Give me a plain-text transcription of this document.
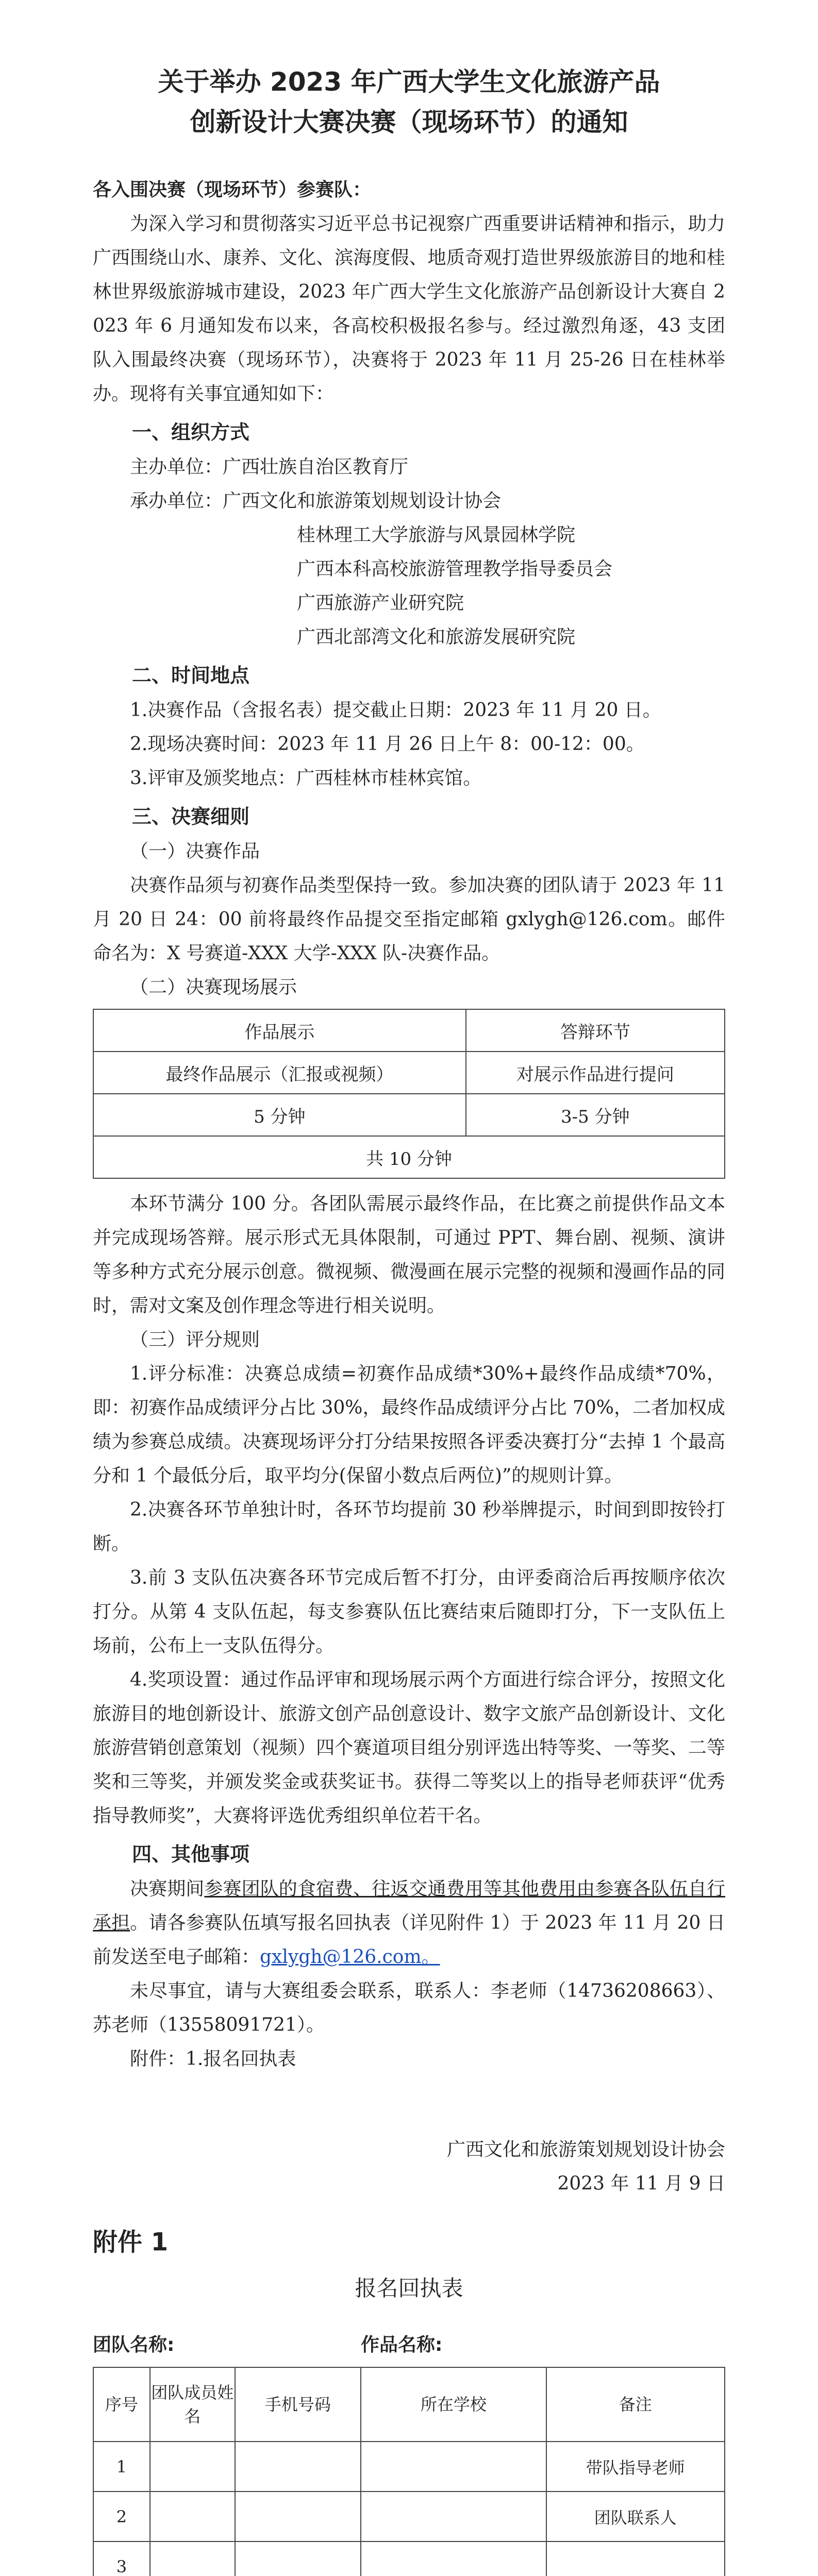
关于举办 2023 年广西大学生文化旅游产品
创新设计大赛决赛（现场环节）的通知

各入围决赛（现场环节）参赛队：

为深入学习和贯彻落实习近平总书记视察广西重要讲话精神和指示，助力广西围绕山水、康养、文化、滨海度假、地质奇观打造世界级旅游目的地和桂林世界级旅游城市建设，2023 年广西大学生文化旅游产品创新设计大赛自 2023 年 6 月通知发布以来，各高校积极报名参与。经过激烈角逐，43 支团队入围最终决赛（现场环节），决赛将于 2023 年 11 月 25-26 日在桂林举办。现将有关事宜通知如下：

一、组织方式

主办单位：广西壮族自治区教育厅

承办单位：广西文化和旅游策划规划设计协会

桂林理工大学旅游与风景园林学院

广西本科高校旅游管理教学指导委员会

广西旅游产业研究院

广西北部湾文化和旅游发展研究院

二、时间地点

1.决赛作品（含报名表）提交截止日期：2023 年 11 月 20 日。

2.现场决赛时间：2023 年 11 月 26 日上午 8：00-12：00。

3.评审及颁奖地点：广西桂林市桂林宾馆。

三、决赛细则

（一）决赛作品

决赛作品须与初赛作品类型保持一致。参加决赛的团队请于 2023 年 11 月 20 日 24：00 前将最终作品提交至指定邮箱 gxlygh@126.com。邮件命名为：X 号赛道-XXX 大学-XXX 队-决赛作品。

（二）决赛现场展示

作品展示	答辩环节
最终作品展示（汇报或视频）	对展示作品进行提问
5 分钟	3-5 分钟
共 10 分钟	

本环节满分 100 分。各团队需展示最终作品，在比赛之前提供作品文本并完成现场答辩。展示形式无具体限制，可通过 PPT、舞台剧、视频、演讲等多种方式充分展示创意。微视频、微漫画在展示完整的视频和漫画作品的同时，需对文案及创作理念等进行相关说明。

（三）评分规则

1.评分标准：决赛总成绩=初赛作品成绩*30%+最终作品成绩*70%，即：初赛作品成绩评分占比 30%，最终作品成绩评分占比 70%，二者加权成绩为参赛总成绩。决赛现场评分打分结果按照各评委决赛打分“去掉 1 个最高分和 1 个最低分后，取平均分(保留小数点后两位)”的规则计算。

2.决赛各环节单独计时，各环节均提前 30 秒举牌提示，时间到即按铃打断。

3.前 3 支队伍决赛各环节完成后暂不打分，由评委商洽后再按顺序依次打分。从第 4 支队伍起，每支参赛队伍比赛结束后随即打分，下一支队伍上场前，公布上一支队伍得分。

4.奖项设置：通过作品评审和现场展示两个方面进行综合评分，按照文化旅游目的地创新设计、旅游文创产品创意设计、数字文旅产品创新设计、文化旅游营销创意策划（视频）四个赛道项目组分别评选出特等奖、一等奖、二等奖和三等奖，并颁发奖金或获奖证书。获得二等奖以上的指导老师获评“优秀指导教师奖”，大赛将评选优秀组织单位若干名。

四、其他事项

决赛期间参赛团队的食宿费、往返交通费用等其他费用由参赛各队伍自行承担。请各参赛队伍填写报名回执表（详见附件 1）于 2023 年 11 月 20 日前发送至电子邮箱：gxlygh@126.com。

未尽事宜，请与大赛组委会联系，联系人：李老师（14736208663）、苏老师（13558091721）。

附件：1.报名回执表

广西文化和旅游策划规划设计协会

2023 年 11 月 9 日

附件 1
报名回执表
团队名称:	作品名称:
序号	团队成员姓名	手机号码	所在学校	备注
1				带队指导老师
2				团队联系人
3				
